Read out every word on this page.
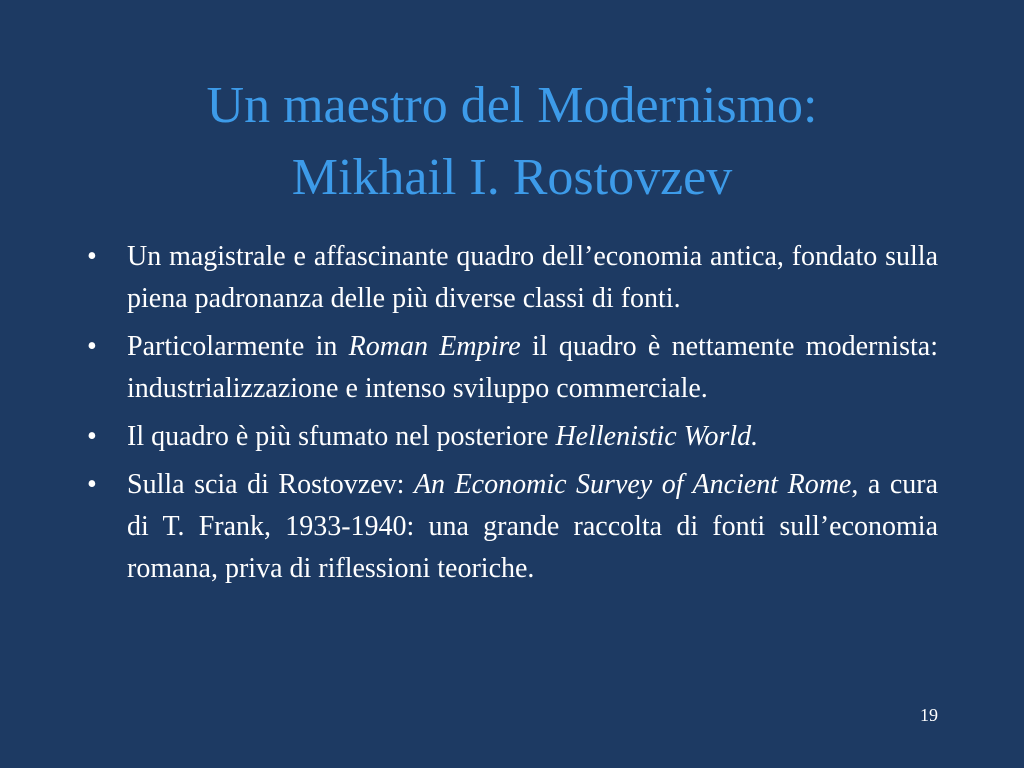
Un maestro del Modernismo:
Mikhail I. Rostovzev
• Un magistrale e affascinante quadro dell’economia antica, fondato sulla piena padronanza delle più diverse classi di fonti.
• Particolarmente in Roman Empire il quadro è nettamente modernista: industrializzazione e intenso sviluppo commerciale.
• Il quadro è più sfumato nel posteriore Hellenistic World.
• Sulla scia di Rostovzev: An Economic Survey of Ancient Rome, a cura di T. Frank, 1933-1940: una grande raccolta di fonti sull’economia romana, priva di riflessioni teoriche.
19
